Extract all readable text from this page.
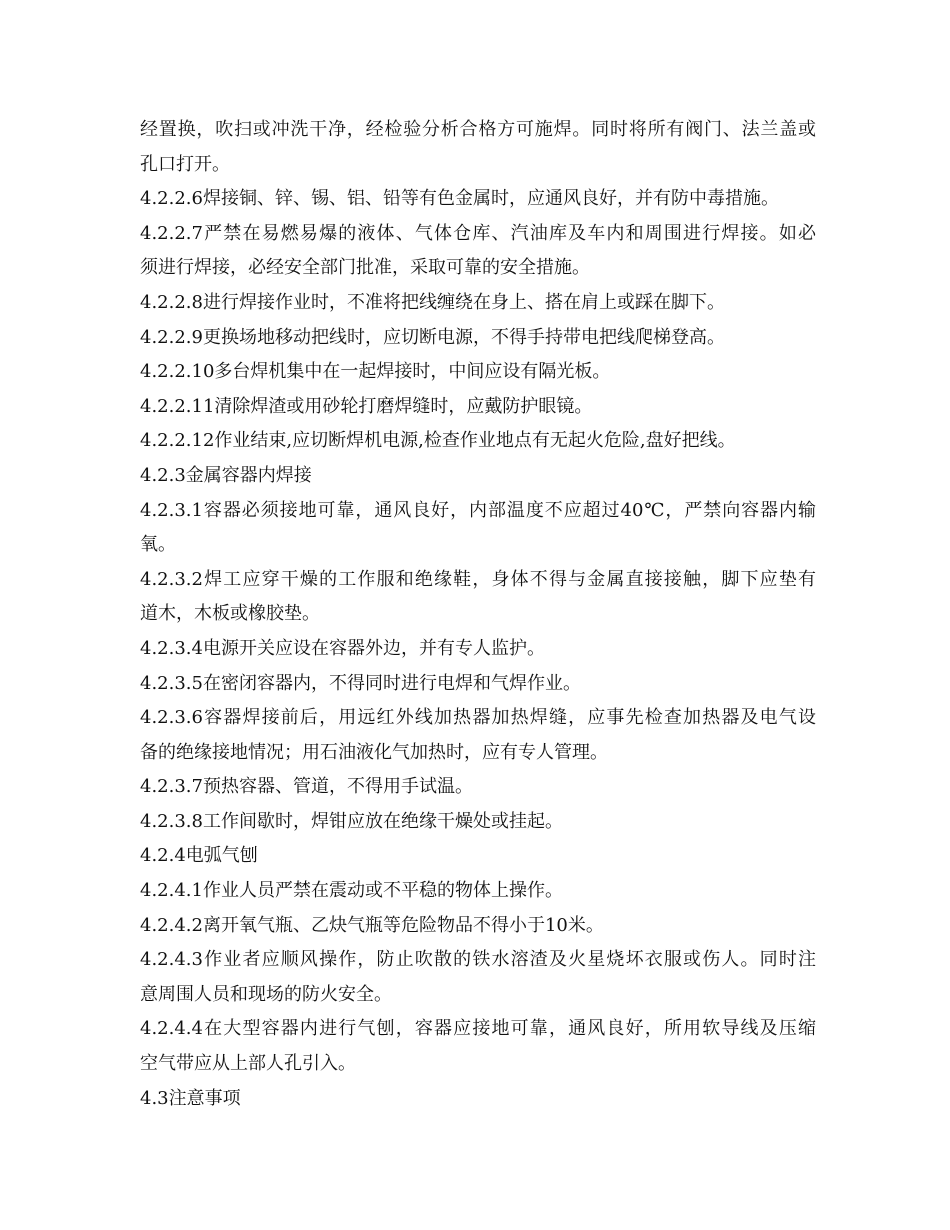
经置换，吹扫或冲洗干净，经检验分析合格方可施焊。同时将所有阀门、法兰盖或
孔口打开。
4.2.2.6焊接铜、锌、锡、铝、铅等有色金属时，应通风良好，并有防中毒措施。
4.2.2.7严禁在易燃易爆的液体、气体仓库、汽油库及车内和周围进行焊接。如必
须进行焊接，必经安全部门批准，采取可靠的安全措施。
4.2.2.8进行焊接作业时，不准将把线缠绕在身上、搭在肩上或踩在脚下。
4.2.2.9更换场地移动把线时，应切断电源，不得手持带电把线爬梯登高。
4.2.2.10多台焊机集中在一起焊接时，中间应设有隔光板。
4.2.2.11清除焊渣或用砂轮打磨焊缝时，应戴防护眼镜。
4.2.2.12作业结束,应切断焊机电源,检查作业地点有无起火危险,盘好把线。
4.2.3金属容器内焊接
4.2.3.1容器必须接地可靠，通风良好，内部温度不应超过40℃，严禁向容器内输
氧。
4.2.3.2焊工应穿干燥的工作服和绝缘鞋，身体不得与金属直接接触，脚下应垫有
道木，木板或橡胶垫。
4.2.3.4电源开关应设在容器外边，并有专人监护。
4.2.3.5在密闭容器内，不得同时进行电焊和气焊作业。
4.2.3.6容器焊接前后，用远红外线加热器加热焊缝，应事先检查加热器及电气设
备的绝缘接地情况；用石油液化气加热时，应有专人管理。
4.2.3.7预热容器、管道，不得用手试温。
4.2.3.8工作间歇时，焊钳应放在绝缘干燥处或挂起。
4.2.4电弧气刨
4.2.4.1作业人员严禁在震动或不平稳的物体上操作。
4.2.4.2离开氧气瓶、乙炔气瓶等危险物品不得小于10米。
4.2.4.3作业者应顺风操作，防止吹散的铁水溶渣及火星烧坏衣服或伤人。同时注
意周围人员和现场的防火安全。
4.2.4.4在大型容器内进行气刨，容器应接地可靠，通风良好，所用软导线及压缩
空气带应从上部人孔引入。
4.3注意事项
